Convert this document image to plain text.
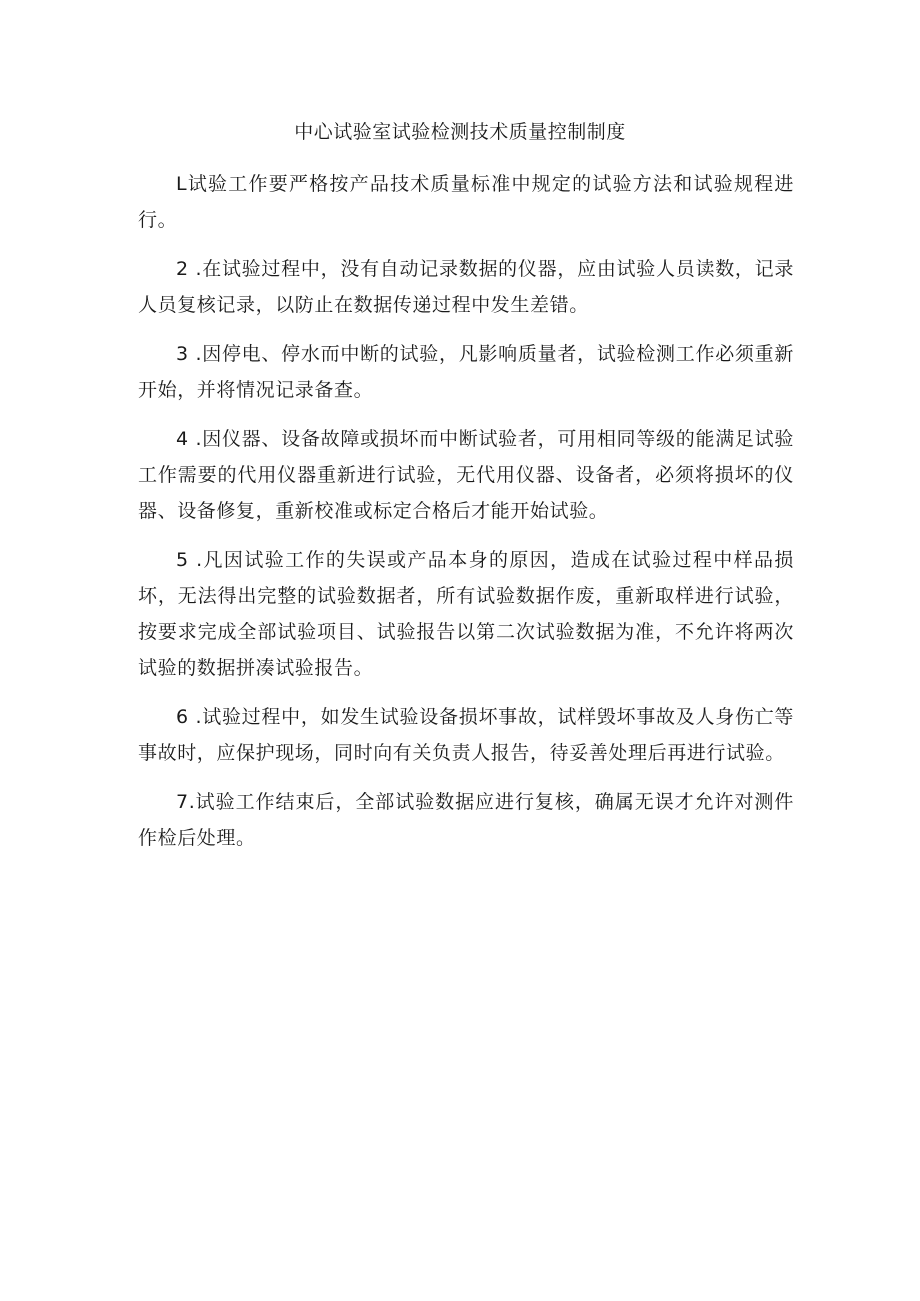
中心试验室试验检测技术质量控制制度

L试验工作要严格按产品技术质量标准中规定的试验方法和试验规程进行。

2 .在试验过程中，没有自动记录数据的仪器，应由试验人员读数，记录人员复核记录，以防止在数据传递过程中发生差错。

3 .因停电、停水而中断的试验，凡影响质量者，试验检测工作必须重新开始，并将情况记录备查。

4 .因仪器、设备故障或损坏而中断试验者，可用相同等级的能满足试验工作需要的代用仪器重新进行试验，无代用仪器、设备者，必须将损坏的仪器、设备修复，重新校准或标定合格后才能开始试验。

5 .凡因试验工作的失误或产品本身的原因，造成在试验过程中样品损坏，无法得出完整的试验数据者，所有试验数据作废，重新取样进行试验，按要求完成全部试验项目、试验报告以第二次试验数据为准，不允许将两次试验的数据拼凑试验报告。

6 .试验过程中，如发生试验设备损坏事故，试样毁坏事故及人身伤亡等事故时，应保护现场，同时向有关负责人报告，待妥善处理后再进行试验。

7.试验工作结束后，全部试验数据应进行复核，确属无误才允许对测件作检后处理。
